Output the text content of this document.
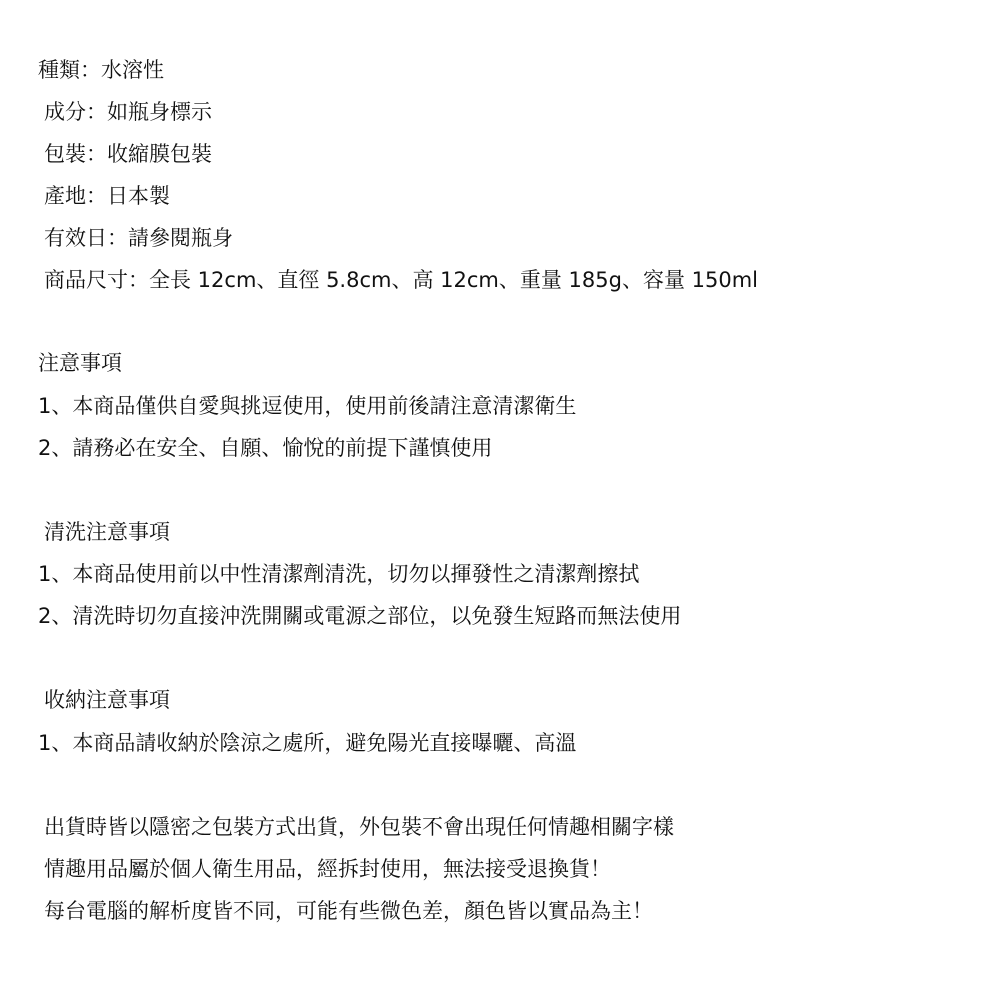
種類：水溶性
成分：如瓶身標示
包裝：收縮膜包裝
產地：日本製
有效日：請參閱瓶身
商品尺寸：全長 12cm、直徑 5.8cm、高 12cm、重量 185g、容量 150ml
注意事項
1、本商品僅供自愛與挑逗使用，使用前後請注意清潔衛生
2、請務必在安全、自願、愉悅的前提下謹慎使用
清洗注意事項
1、本商品使用前以中性清潔劑清洗，切勿以揮發性之清潔劑擦拭
2、清洗時切勿直接沖洗開關或電源之部位，以免發生短路而無法使用
收納注意事項
1、本商品請收納於陰涼之處所，避免陽光直接曝曬、高溫
出貨時皆以隱密之包裝方式出貨，外包裝不會出現任何情趣相關字樣
情趣用品屬於個人衛生用品，經拆封使用，無法接受退換貨！
每台電腦的解析度皆不同，可能有些微色差，顏色皆以實品為主！
